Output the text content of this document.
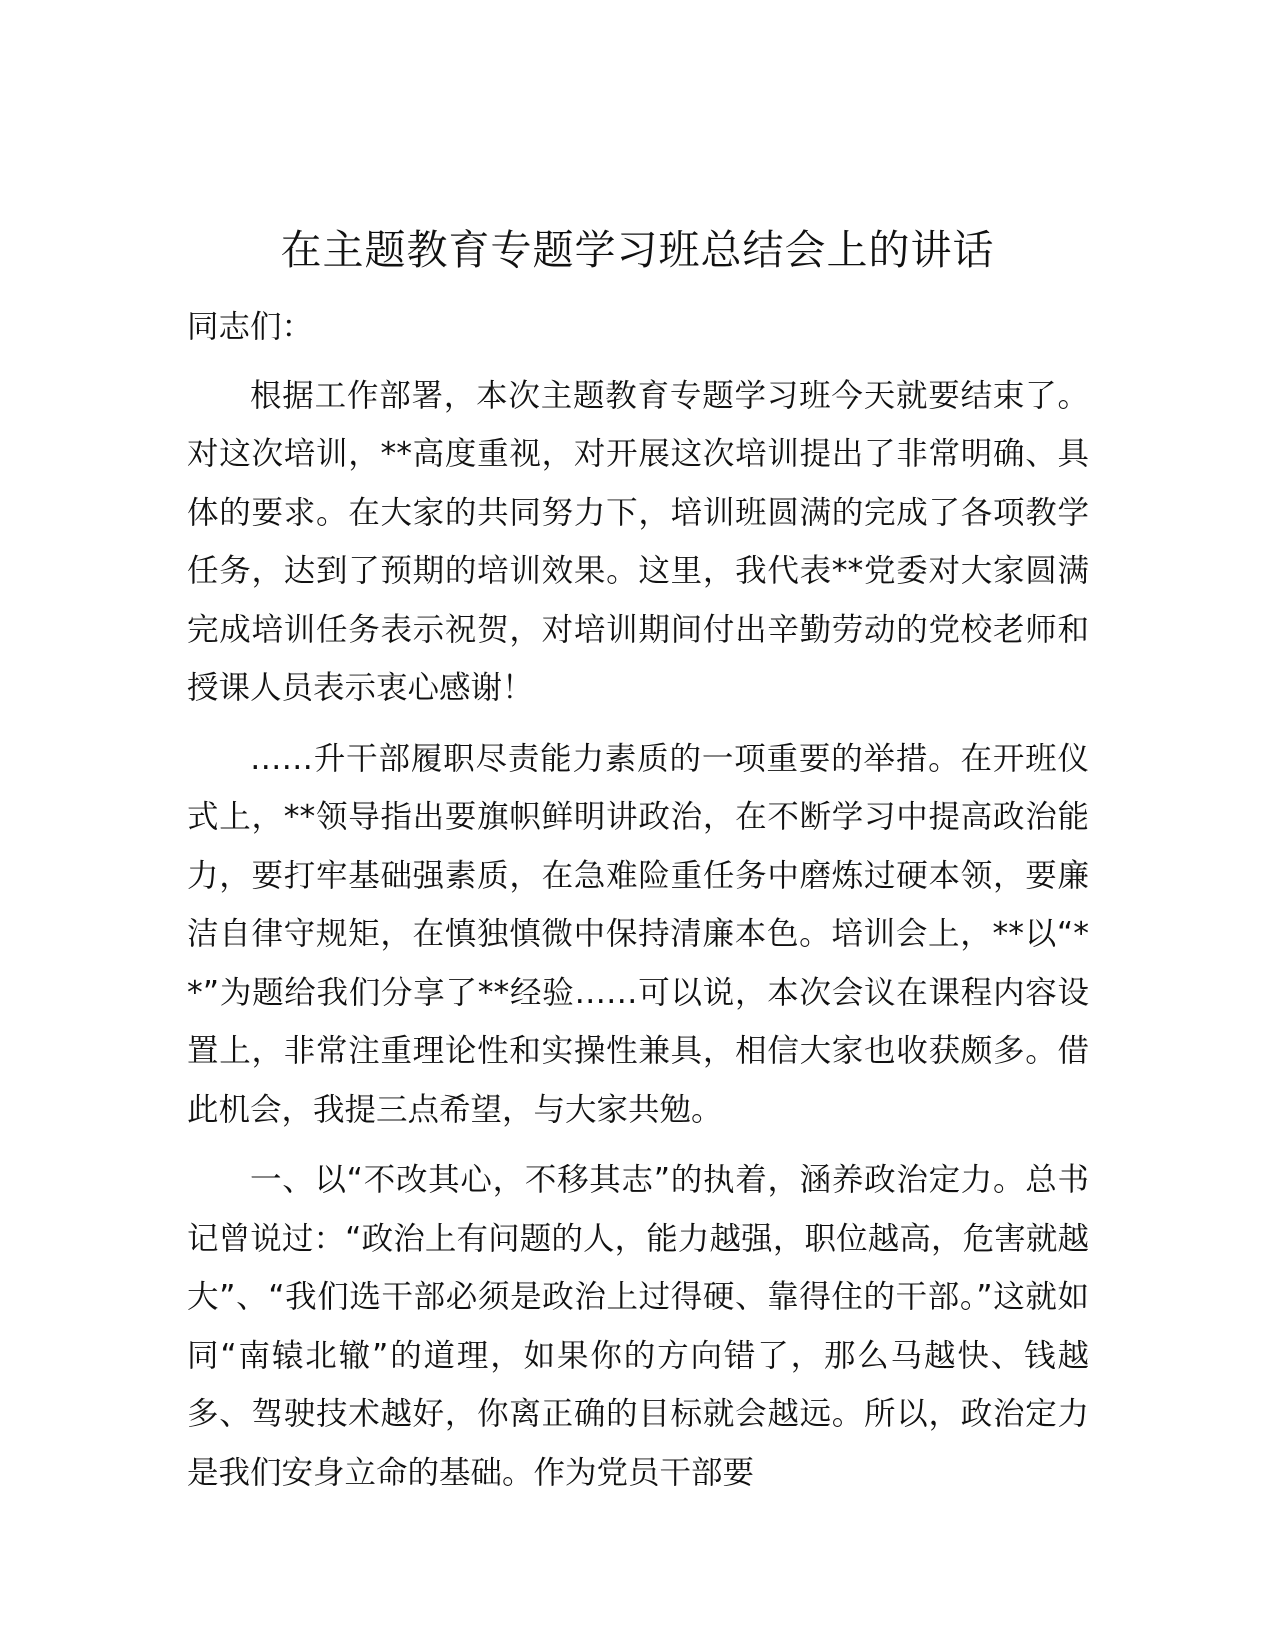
在主题教育专题学习班总结会上的讲话

同志们：

根据工作部署，本次主题教育专题学习班今天就要结束了。对这次培训，**高度重视，对开展这次培训提出了非常明确、具体的要求。在大家的共同努力下，培训班圆满的完成了各项教学任务，达到了预期的培训效果。这里，我代表**党委对大家圆满完成培训任务表示祝贺，对培训期间付出辛勤劳动的党校老师和授课人员表示衷心感谢！

……升干部履职尽责能力素质的一项重要的举措。在开班仪式上，**领导指出要旗帜鲜明讲政治，在不断学习中提高政治能力，要打牢基础强素质，在急难险重任务中磨炼过硬本领，要廉洁自律守规矩，在慎独慎微中保持清廉本色。培训会上，**以“**”为题给我们分享了**经验……可以说，本次会议在课程内容设置上，非常注重理论性和实操性兼具，相信大家也收获颇多。借此机会，我提三点希望，与大家共勉。

一、以“不改其心，不移其志”的执着，涵养政治定力。总书记曾说过：“政治上有问题的人，能力越强，职位越高，危害就越大”、“我们选干部必须是政治上过得硬、靠得住的干部。”这就如同“南辕北辙”的道理，如果你的方向错了，那么马越快、钱越多、驾驶技术越好，你离正确的目标就会越远。所以，政治定力是我们安身立命的基础。作为党员干部要
